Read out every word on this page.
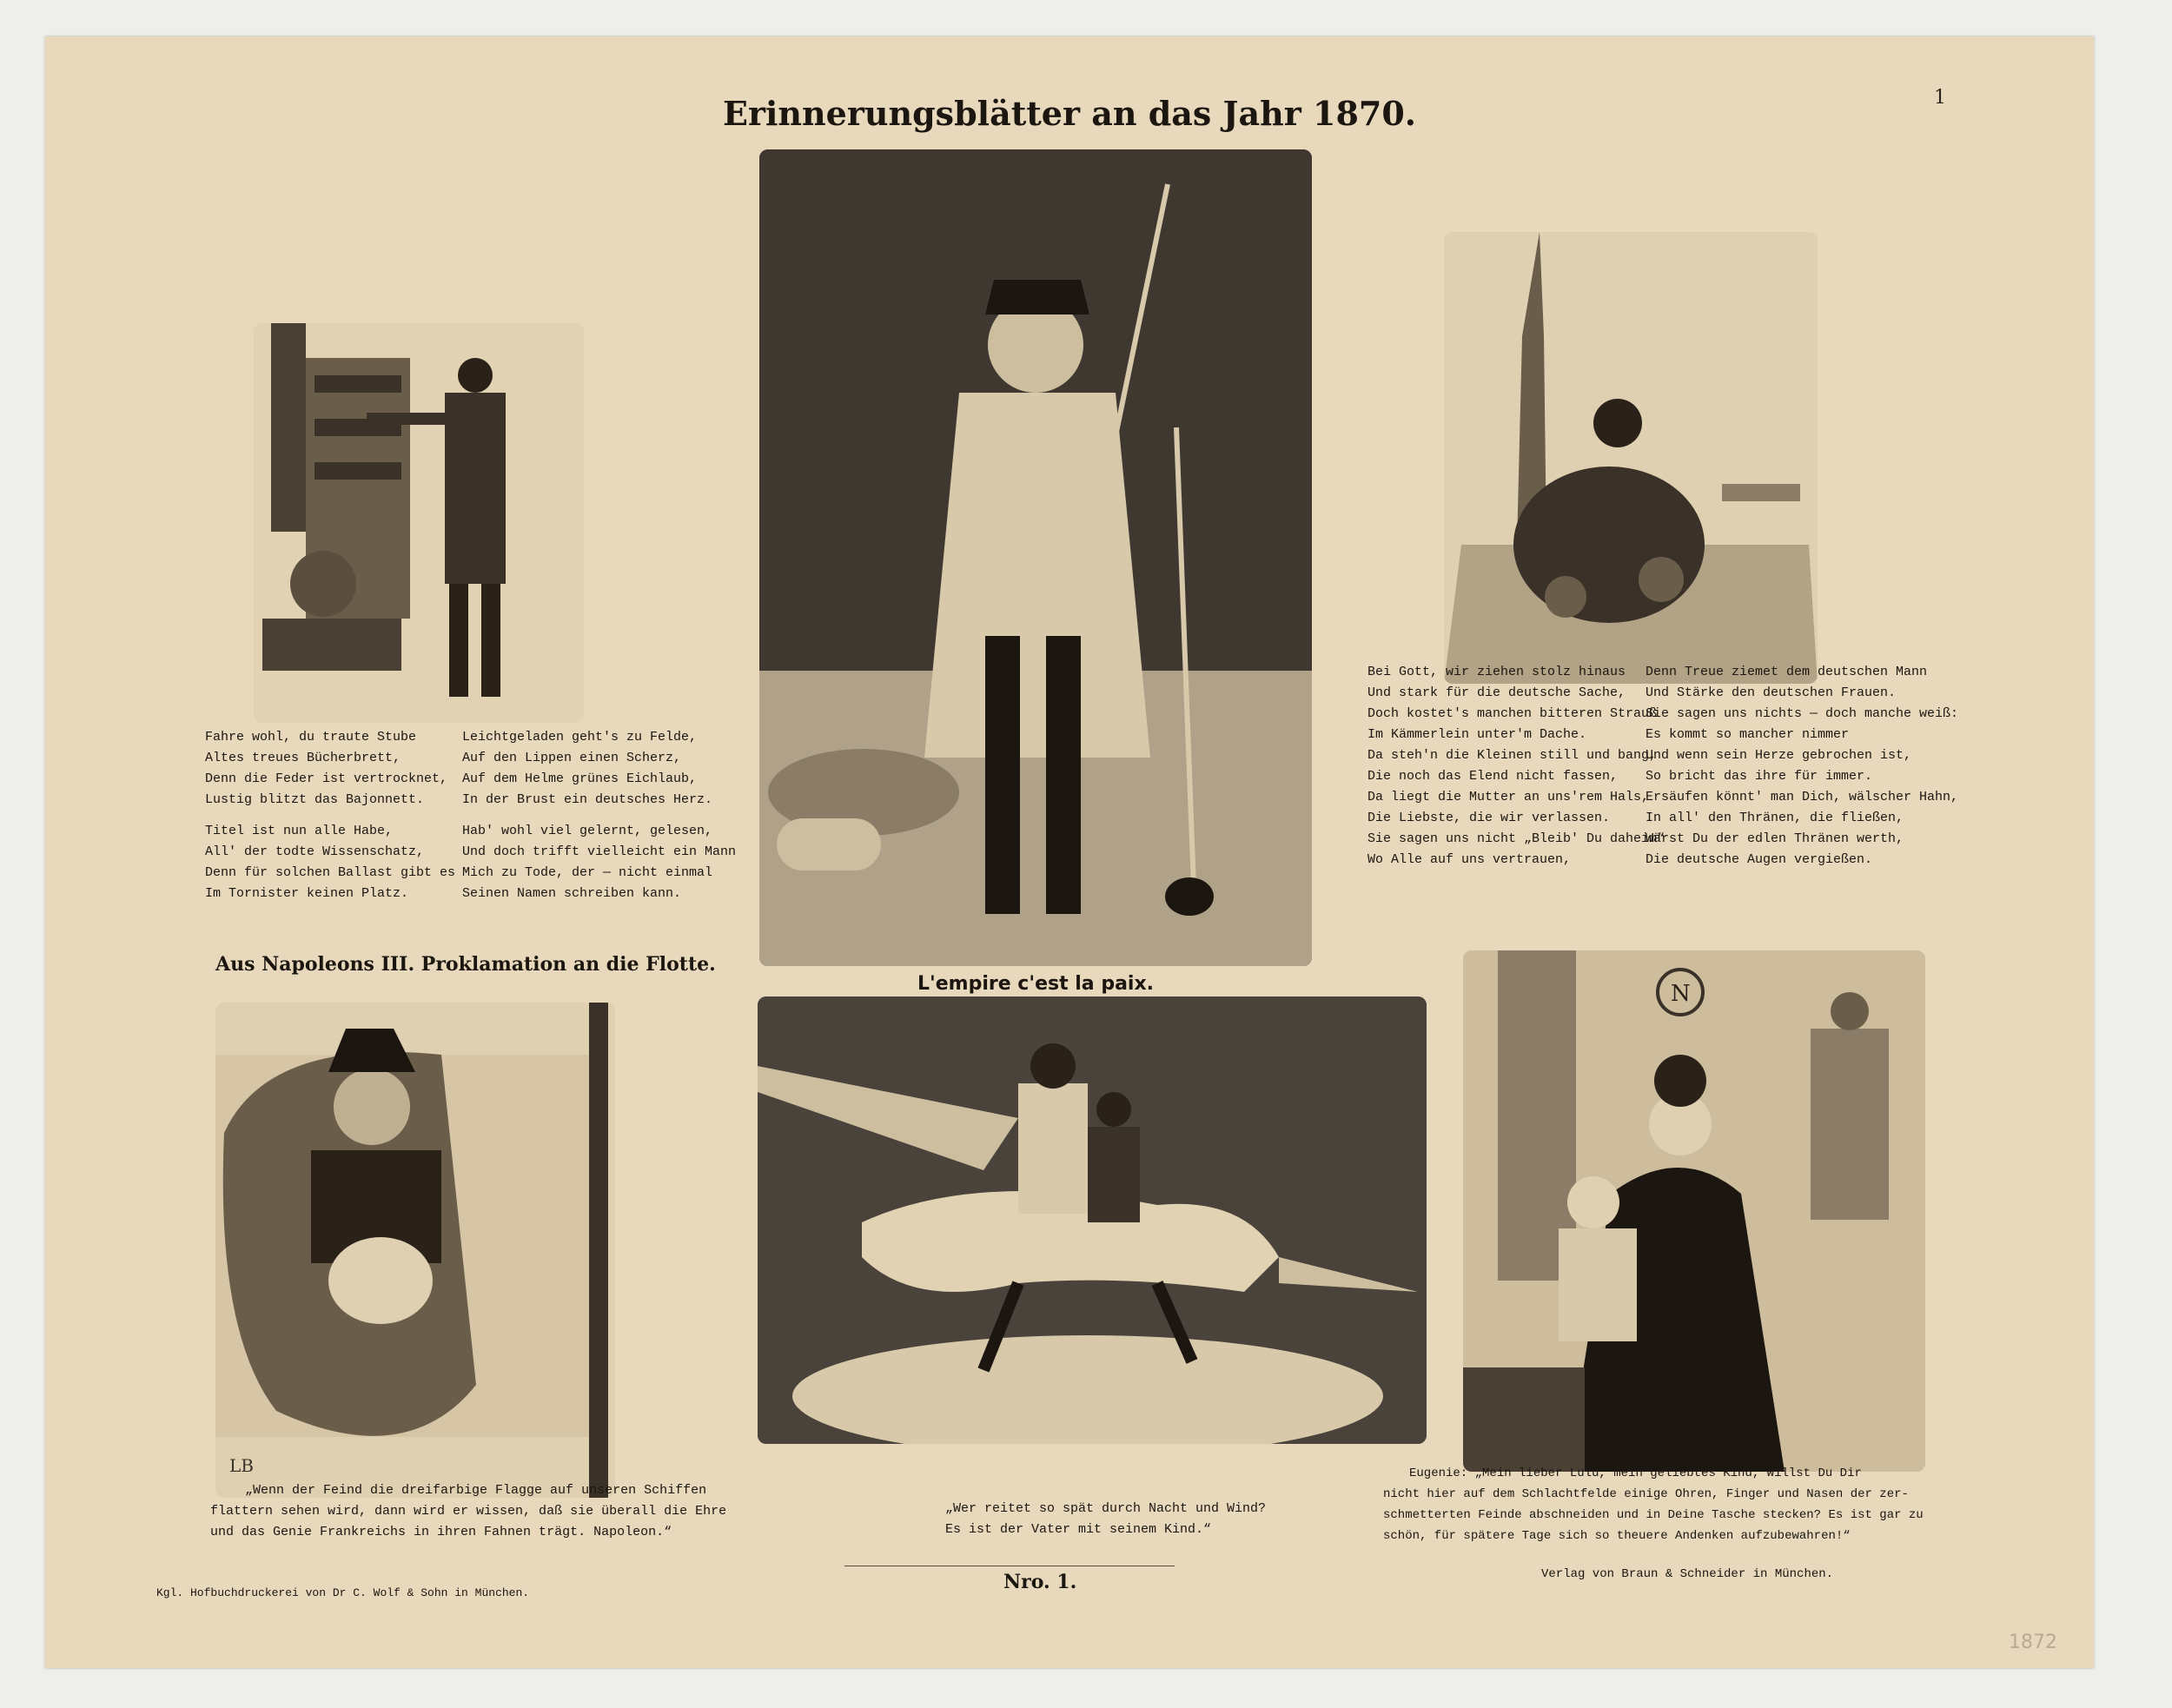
Erinnerungsblätter an das Jahr 1870.	1
Fahre wohl, du traute Stube
Altes treues Bücherbrett,
Denn die Feder ist vertrocknet,
Lustig blitzt das Bajonnett.
Titel ist nun alle Habe,
All' der todte Wissenschatz,
Denn für solchen Ballast gibt es
Im Tornister keinen Platz.
Leichtgeladen geht's zu Felde,
Auf den Lippen einen Scherz,
Auf dem Helme grünes Eichlaub,
In der Brust ein deutsches Herz.
Hab' wohl viel gelernt, gelesen,
Und doch trifft vielleicht ein Mann
Mich zu Tode, der — nicht einmal
Seinen Namen schreiben kann.
L'empire c'est la paix.
Bei Gott, wir ziehen stolz hinaus
Und stark für die deutsche Sache,
Doch kostet's manchen bitteren Strauß
Im Kämmerlein unter'm Dache.
Da steh'n die Kleinen still und bang,
Die noch das Elend nicht fassen,
Da liegt die Mutter an uns'rem Hals,
Die Liebste, die wir verlassen.
Sie sagen uns nicht „Bleib' Du daheim“
Wo Alle auf uns vertrauen,
Denn Treue ziemet dem deutschen Mann
Und Stärke den deutschen Frauen.
Sie sagen uns nichts — doch manche weiß:
Es kommt so mancher nimmer
Und wenn sein Herze gebrochen ist,
So bricht das ihre für immer.
Ersäufen könnt' man Dich, wälscher Hahn,
In all' den Thränen, die fließen,
Wärst Du der edlen Thränen werth,
Die deutsche Augen vergießen.
Aus Napoleons III. Proklamation an die Flotte.
LB
„Wenn der Feind die dreifarbige Flagge auf unseren Schiffen
flattern sehen wird, dann wird er wissen, daß sie überall die Ehre
und das Genie Frankreichs in ihren Fahnen trägt. Napoleon.“
„Wer reitet so spät durch Nacht und Wind?
Es ist der Vater mit seinem Kind.“
Nro. 1.
N
Eugenie: „Mein lieber Lulu, mein geliebtes Kind, willst Du Dir
nicht hier auf dem Schlachtfelde einige Ohren, Finger und Nasen der zer-
schmetterten Feinde abschneiden und in Deine Tasche stecken? Es ist gar zu
schön, für spätere Tage sich so theuere Andenken aufzubewahren!“
Kgl. Hofbuchdruckerei von Dr C. Wolf & Sohn in München.
Verlag von Braun & Schneider in München.
1872
